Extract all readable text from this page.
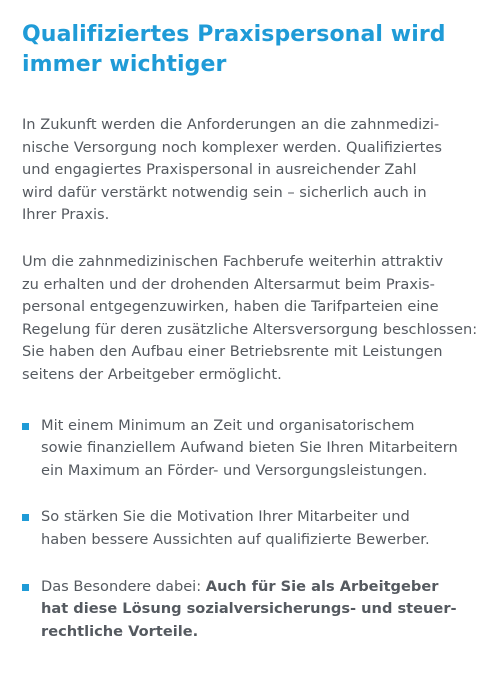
Qualifiziertes Praxispersonal wird
immer wichtiger

In Zukunft werden die Anforderungen an die zahnmedizi-
nische Versorgung noch komplexer werden. Qualifiziertes
und engagiertes Praxispersonal in ausreichender Zahl
wird dafür verstärkt notwendig sein – sicherlich auch in
Ihrer Praxis.

Um die zahnmedizinischen Fachberufe weiterhin attraktiv
zu erhalten und der drohenden Altersarmut beim Praxis-
personal entgegenzuwirken, haben die Tarifparteien eine
Regelung für deren zusätzliche Altersversorgung beschlossen:
Sie haben den Aufbau einer Betriebsrente mit Leistungen
seitens der Arbeitgeber ermöglicht.

Mit einem Minimum an Zeit und organisatorischem
sowie finanziellem Aufwand bieten Sie Ihren Mitarbeitern
ein Maximum an Förder- und Versorgungsleistungen.
So stärken Sie die Motivation Ihrer Mitarbeiter und
haben bessere Aussichten auf qualifizierte Bewerber.
Das Besondere dabei: Auch für Sie als Arbeitgeber
hat diese Lösung sozialversicherungs- und steuer-
rechtliche Vorteile.
